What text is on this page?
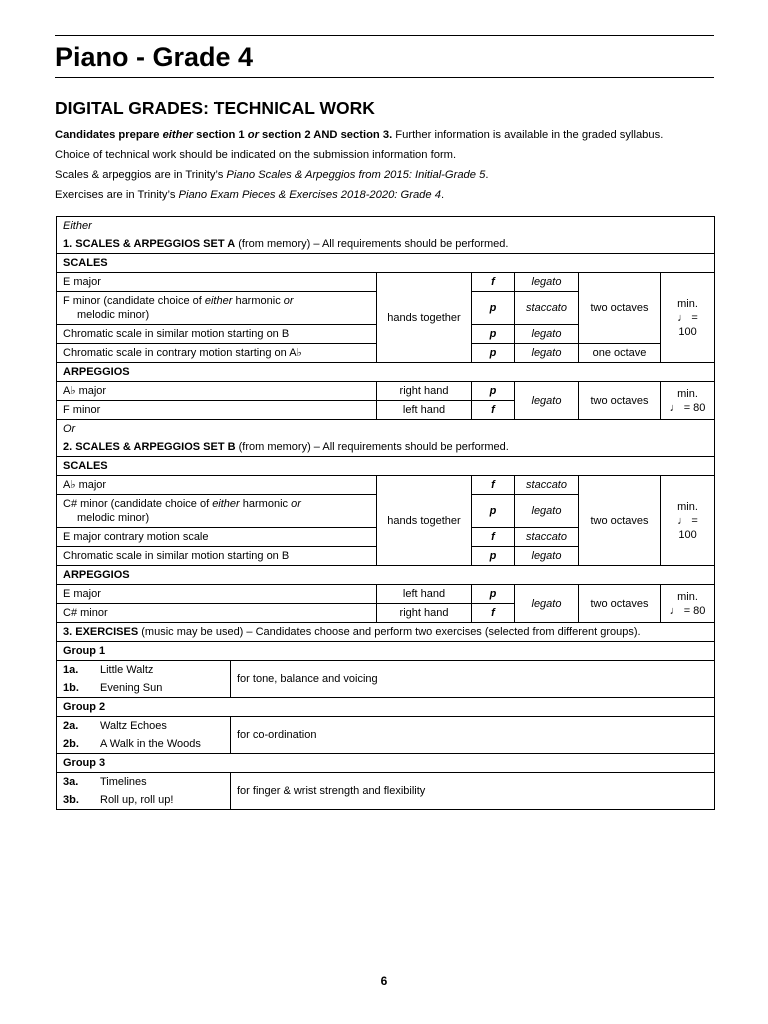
Piano - Grade 4
DIGITAL GRADES: TECHNICAL WORK

Candidates prepare either section 1 or section 2 AND section 3. Further information is available in the graded syllabus.

Choice of technical work should be indicated on the submission information form.

Scales & arpeggios are in Trinity’s Piano Scales & Arpeggios from 2015: Initial-Grade 5.

Exercises are in Trinity’s Piano Exam Pieces & Exercises 2018-2020: Grade 4.

Either						
1. SCALES & ARPEGGIOS SET A (from memory) – All requirements should be performed.						
SCALES						
E major		hands together	f	legato	two octaves	min.
♩ = 100
F minor (candidate choice of either harmonic or
melodic minor)			p	staccato		
Chromatic scale in similar motion starting on B			p	legato		
Chromatic scale in contrary motion starting on A♭			p	legato	one octave	
ARPEGGIOS						
A♭ major		right hand	p	legato	two octaves	min.
♩ = 80
F minor		left hand	f			
Or						
2. SCALES & ARPEGGIOS SET B (from memory) – All requirements should be performed.						
SCALES						
A♭ major		hands together	f	staccato	two octaves	min.
♩ = 100
C# minor (candidate choice of either harmonic or
melodic minor)			p	legato		
E major contrary motion scale			f	staccato		
Chromatic scale in similar motion starting on B			p	legato		
ARPEGGIOS						
E major		left hand	p	legato	two octaves	min.
♩ = 80
C# minor		right hand	f			
3. EXERCISES (music may be used) – Candidates choose and perform two exercises (selected from different groups).						
Group 1						
1a. Little Waltz	for tone, balance and voicing					
1b. Evening Sun						
Group 2						
2a. Waltz Echoes	for co-ordination					
2b. A Walk in the Woods						
Group 3						
3a. Timelines	for finger & wrist strength and flexibility					
3b. Roll up, roll up!						
6
